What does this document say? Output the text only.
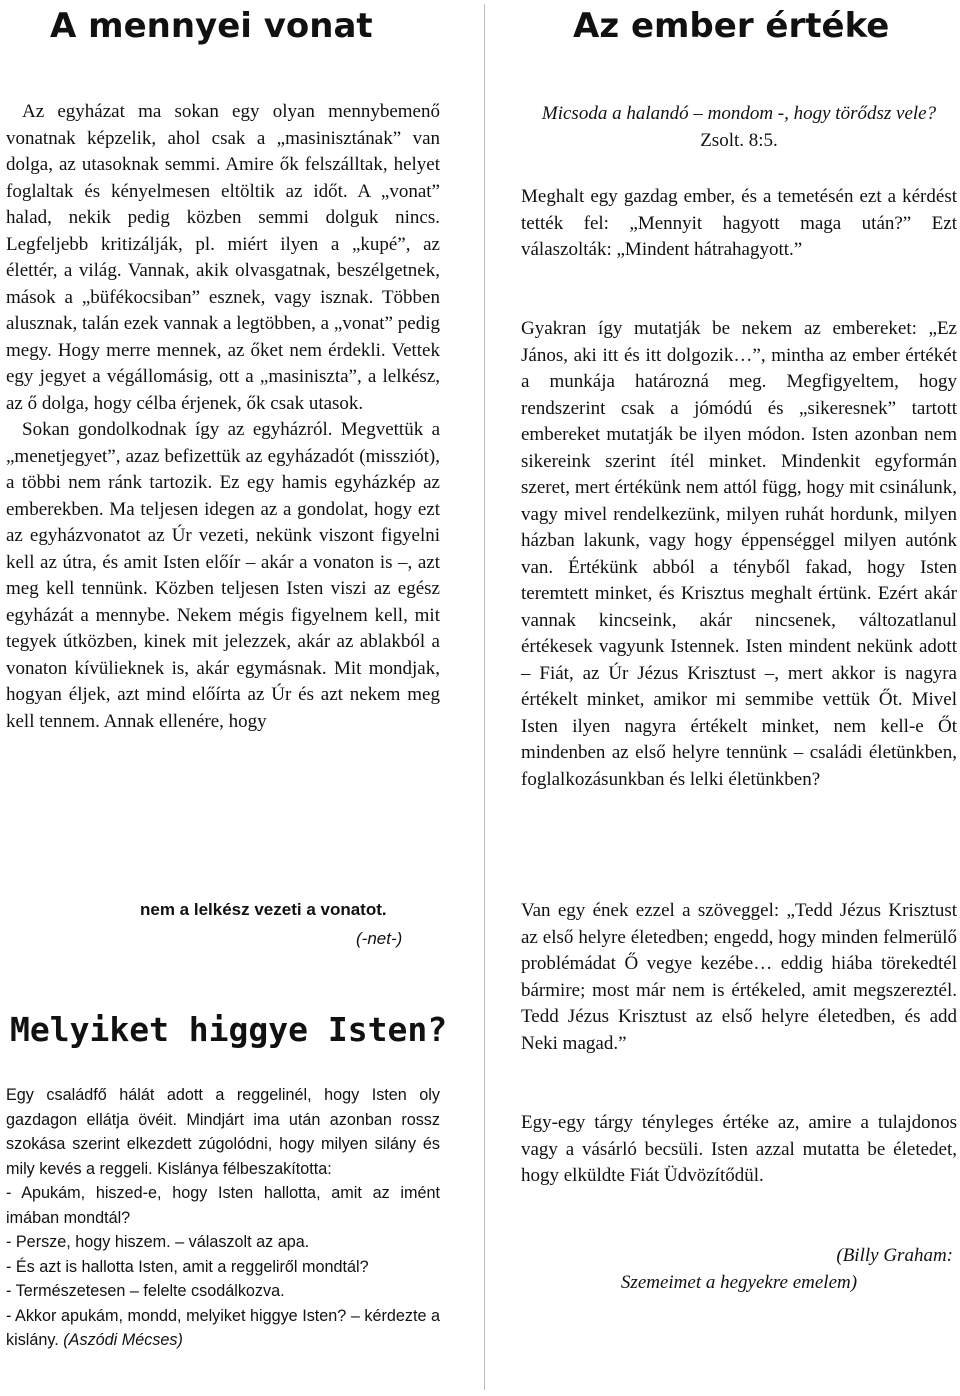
A mennyei vonat

Az egyházat ma sokan egy olyan mennybemenő vonatnak képzelik, ahol csak a „masinisztának” van dolga, az utasoknak semmi. Amire ők felszálltak, helyet foglaltak és kényelmesen eltöltik az időt. A „vonat” halad, nekik pedig közben semmi dolguk nincs. Legfeljebb kritizálják, pl. miért ilyen a „kupé”, az élettér, a világ. Vannak, akik olvasgatnak, beszélgetnek, mások a „büfékocsiban” esznek, vagy isznak. Többen alusznak, talán ezek vannak a legtöbben, a „vonat” pedig megy. Hogy merre mennek, az őket nem érdekli. Vettek egy jegyet a végállomásig, ott a „masiniszta”, a lelkész, az ő dolga, hogy célba érjenek, ők csak utasok.

Sokan gondolkodnak így az egyházról. Megvettük a „menetjegyet”, azaz befizettük az egyházadót (missziót), a többi nem ránk tartozik. Ez egy hamis egyházkép az emberekben. Ma teljesen idegen az a gondolat, hogy ezt az egyházvonatot az Úr vezeti, nekünk viszont figyelni kell az útra, és amit Isten előír – akár a vonaton is –, azt meg kell tennünk. Közben teljesen Isten viszi az egész egyházát a mennybe. Nekem mégis figyelnem kell, mit tegyek útközben, kinek mit jelezzek, akár az ablakból a vonaton kívülieknek is, akár egymásnak. Mit mondjak, hogyan éljek, azt mind előírta az Úr és azt nekem meg kell tennem. Annak ellenére, hogy

nem a lelkész vezeti a vonatot.
(-net-)
Melyiket higgye Isten?
Egy családfő hálát adott a reggelinél, hogy Isten oly gazdagon ellátja övéit. Mindjárt ima után azonban rossz szokása szerint elkezdett zúgolódni, hogy milyen silány és mily kevés a reggeli. Kislánya félbeszakította:
- Apukám, hiszed-e, hogy Isten hallotta, amit az imént imában mondtál?
- Persze, hogy hiszem. – válaszolt az apa.
- És azt is hallotta Isten, amit a reggeliről mondtál?
- Természetesen – felelte csodálkozva.
- Akkor apukám, mondd, melyiket higgye Isten? – kérdezte a kislány. (Aszódi Mécses)
Az ember értéke
Micsoda a halandó – mondom -, hogy törődsz vele? Zsolt. 8:5.

Meghalt egy gazdag ember, és a temetésén ezt a kérdést tették fel: „Mennyit hagyott maga után?” Ezt válaszolták: „Mindent hátrahagyott.”

Gyakran így mutatják be nekem az embereket: „Ez János, aki itt és itt dolgozik…”, mintha az ember értékét a munkája határozná meg. Megfigyeltem, hogy rendszerint csak a jómódú és „sikeresnek” tartott embereket mutatják be ilyen módon. Isten azonban nem sikereink szerint ítél minket. Mindenkit egyformán szeret, mert értékünk nem attól függ, hogy mit csinálunk, vagy mivel rendelkezünk, milyen ruhát hordunk, milyen házban lakunk, vagy hogy éppenséggel milyen autónk van. Értékünk abból a tényből fakad, hogy Isten teremtett minket, és Krisztus meghalt értünk. Ezért akár vannak kincseink, akár nincsenek, változatlanul értékesek vagyunk Istennek. Isten mindent nekünk adott – Fiát, az Úr Jézus Krisztust –, mert akkor is nagyra értékelt minket, amikor mi semmibe vettük Őt. Mivel Isten ilyen nagyra értékelt minket, nem kell-e Őt mindenben az első helyre tennünk – családi életünkben, foglalkozásunkban és lelki életünkben?

Van egy ének ezzel a szöveggel: „Tedd Jézus Krisztust az első helyre életedben; engedd, hogy minden felmerülő problémádat Ő vegye kezébe… eddig hiába törekedtél bármire; most már nem is értékeled, amit megszereztél. Tedd Jézus Krisztust az első helyre életedben, és add Neki magad.”

Egy-egy tárgy tényleges értéke az, amire a tulajdonos vagy a vásárló becsüli. Isten azzal mutatta be életedet, hogy elküldte Fiát Üdvözítődül.

(Billy Graham:
Szemeimet a hegyekre emelem)
